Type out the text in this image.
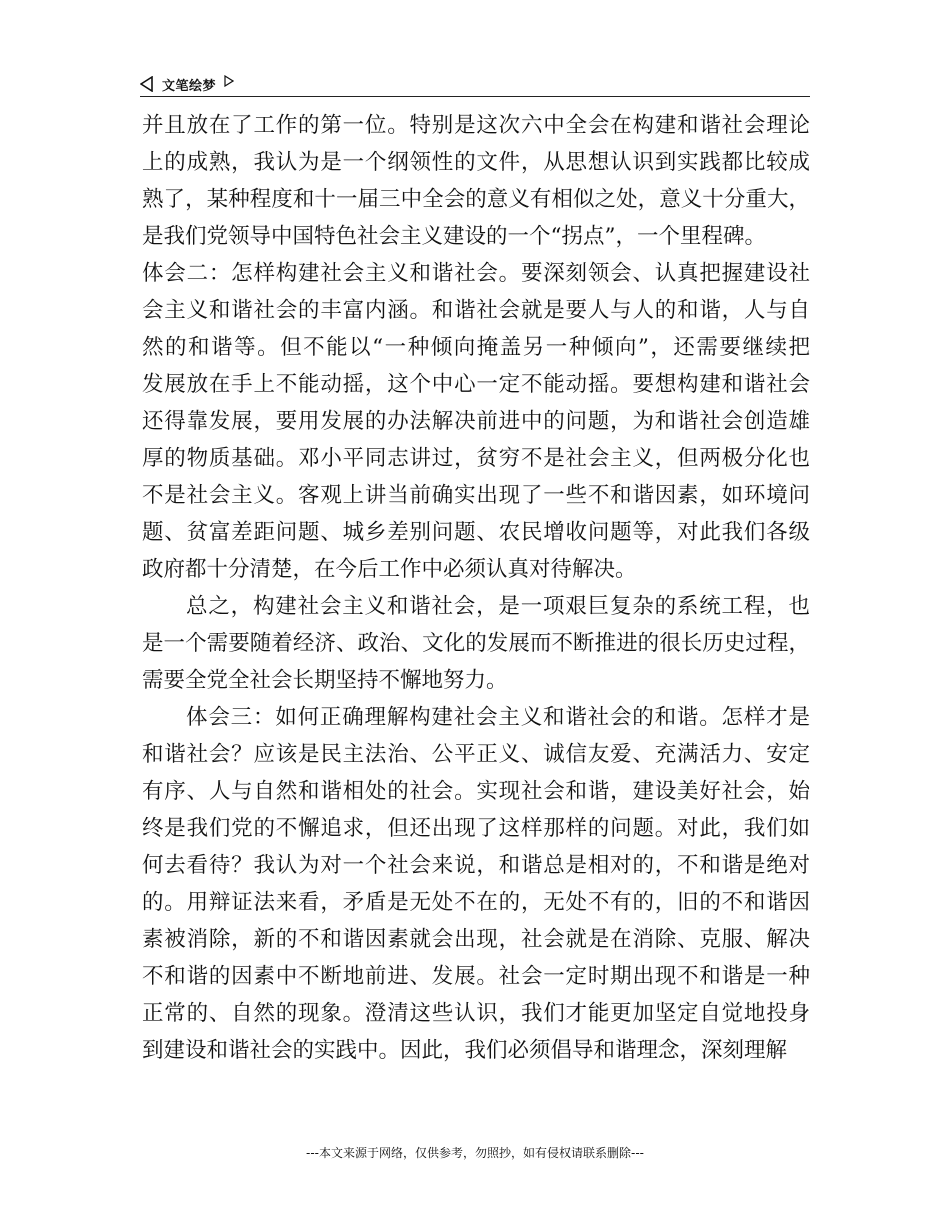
文笔绘梦
并且放在了工作的第一位。特别是这次六中全会在构建和谐社会理论
上的成熟，我认为是一个纲领性的文件，从思想认识到实践都比较成
熟了，某种程度和十一届三中全会的意义有相似之处，意义十分重大，
是我们党领导中国特色社会主义建设的一个“拐点”，一个里程碑。
体会二：怎样构建社会主义和谐社会。要深刻领会、认真把握建设社
会主义和谐社会的丰富内涵。和谐社会就是要人与人的和谐，人与自
然的和谐等。但不能以“一种倾向掩盖另一种倾向”，还需要继续把
发展放在手上不能动摇，这个中心一定不能动摇。要想构建和谐社会
还得靠发展，要用发展的办法解决前进中的问题，为和谐社会创造雄
厚的物质基础。邓小平同志讲过，贫穷不是社会主义，但两极分化也
不是社会主义。客观上讲当前确实出现了一些不和谐因素，如环境问
题、贫富差距问题、城乡差别问题、农民增收问题等，对此我们各级
政府都十分清楚，在今后工作中必须认真对待解决。
总之，构建社会主义和谐社会，是一项艰巨复杂的系统工程，也
是一个需要随着经济、政治、文化的发展而不断推进的很长历史过程，
需要全党全社会长期坚持不懈地努力。
体会三：如何正确理解构建社会主义和谐社会的和谐。怎样才是
和谐社会？应该是民主法治、公平正义、诚信友爱、充满活力、安定
有序、人与自然和谐相处的社会。实现社会和谐，建设美好社会，始
终是我们党的不懈追求，但还出现了这样那样的问题。对此，我们如
何去看待？我认为对一个社会来说，和谐总是相对的，不和谐是绝对
的。用辩证法来看，矛盾是无处不在的，无处不有的，旧的不和谐因
素被消除，新的不和谐因素就会出现，社会就是在消除、克服、解决
不和谐的因素中不断地前进、发展。社会一定时期出现不和谐是一种
正常的、自然的现象。澄清这些认识，我们才能更加坚定自觉地投身
到建设和谐社会的实践中。因此，我们必须倡导和谐理念，深刻理解
---本文来源于网络，仅供参考，勿照抄，如有侵权请联系删除---
